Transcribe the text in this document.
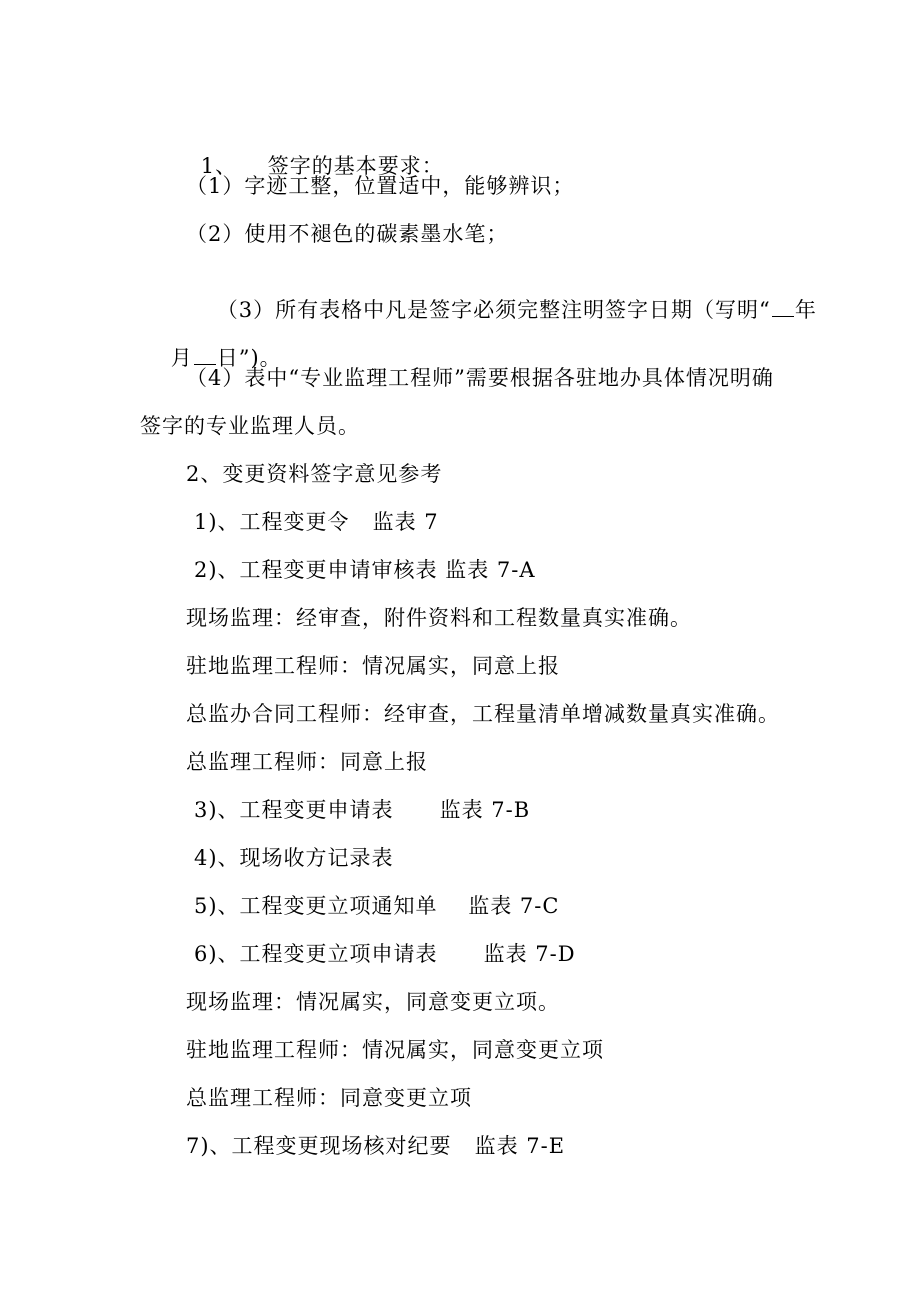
1、 签字的基本要求：

（1）字迹工整，位置适中，能够辨识；
（2）使用不褪色的碳素墨水笔；

（3）所有表格中凡是签字必须完整注明签字日期（写明“ 年

月 日”)。

（4）表中“专业监理工程师”需要根据各驻地办具体情况明确
签字的专业监理人员。
2、变更资料签字意见参考
1)、工程变更令   监表 7
2)、工程变更申请审核表 监表 7-A
现场监理：经审查，附件资料和工程数量真实准确。
驻地监理工程师：情况属实，同意上报
总监办合同工程师：经审查，工程量清单增减数量真实准确。
总监理工程师：同意上报
3)、工程变更申请表      监表 7-B
4)、现场收方记录表
5)、工程变更立项通知单    监表 7-C
6)、工程变更立项申请表      监表 7-D
现场监理：情况属实，同意变更立项。
驻地监理工程师：情况属实，同意变更立项
总监理工程师：同意变更立项
7)、工程变更现场核对纪要   监表 7-E
